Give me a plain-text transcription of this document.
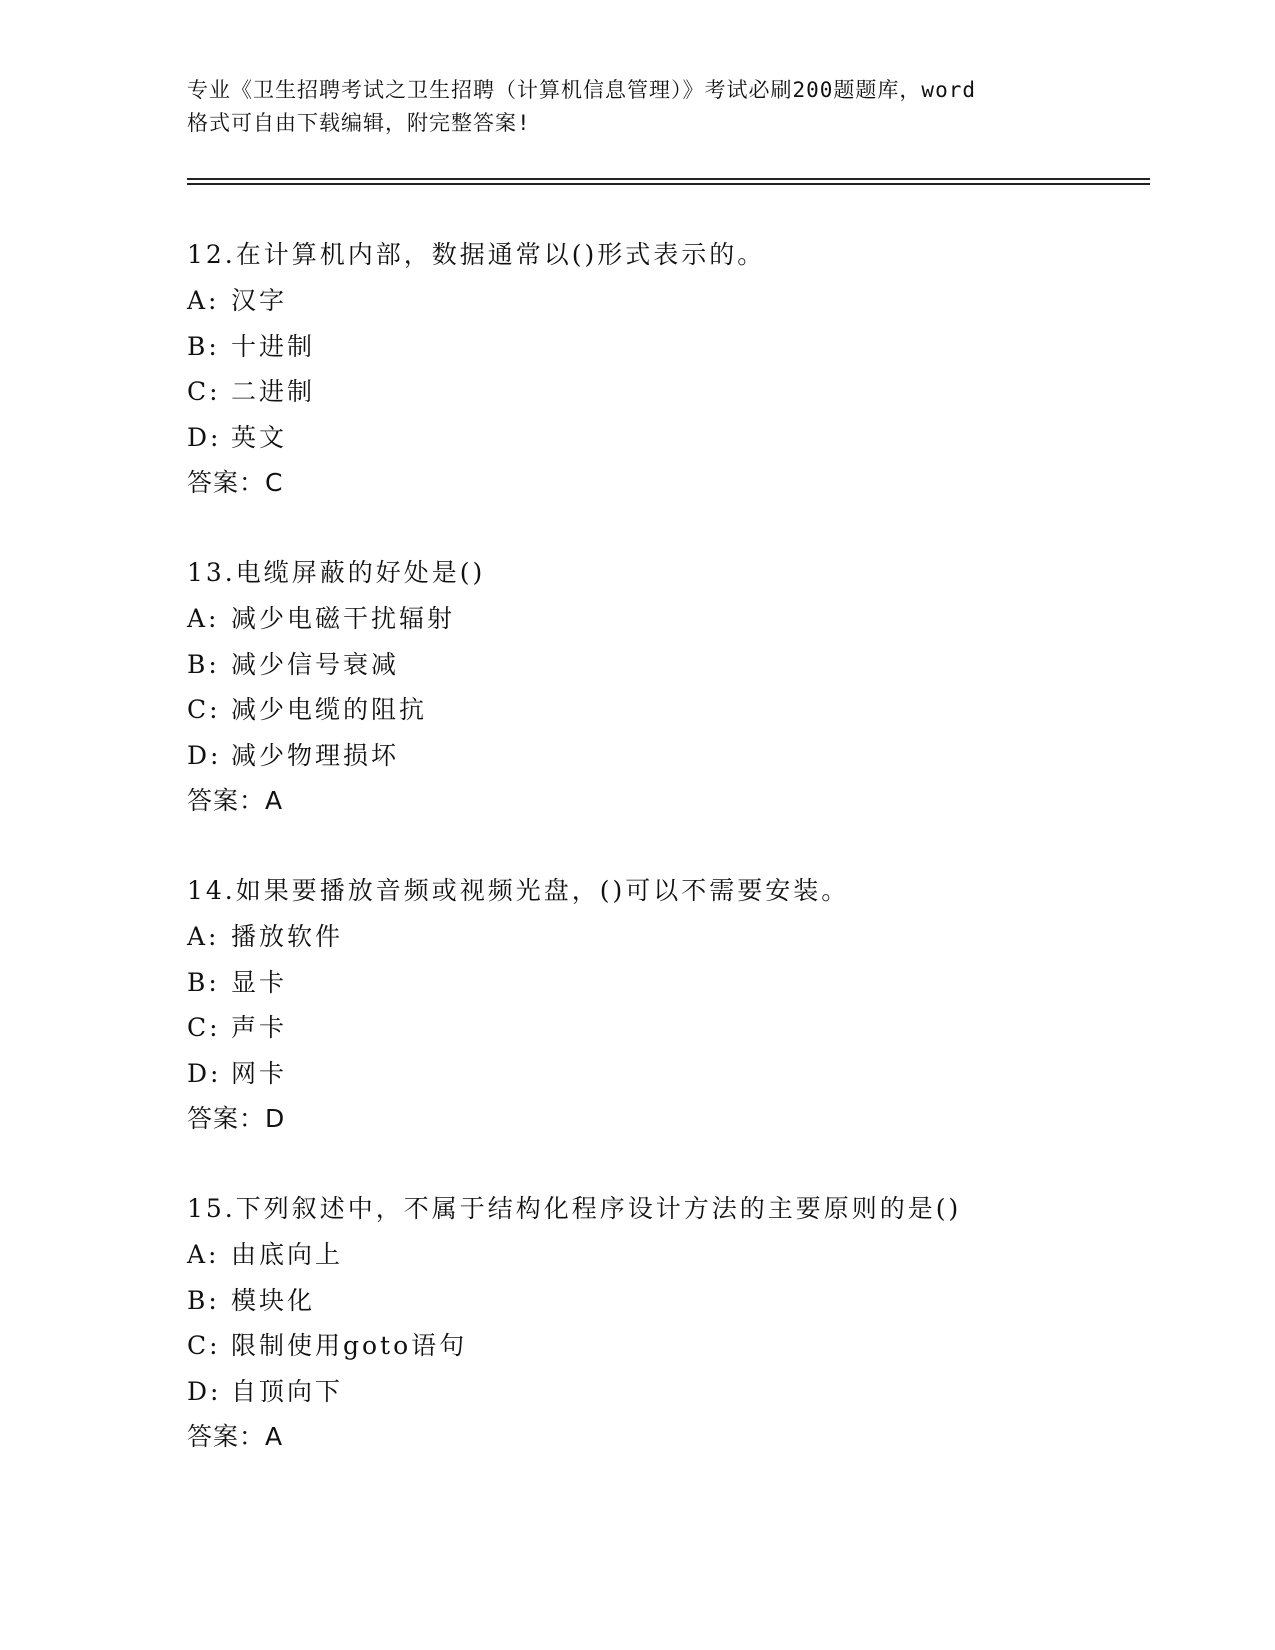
专业《卫生招聘考试之卫生招聘（计算机信息管理）》考试必刷200题题库，word
格式可自由下载编辑，附完整答案!
12.在计算机内部，数据通常以()形式表示的。
A: 汉字
B: 十进制
C: 二进制
D: 英文
答案：C
13.电缆屏蔽的好处是()
A: 减少电磁干扰辐射
B: 减少信号衰减
C: 减少电缆的阻抗
D: 减少物理损坏
答案：A
14.如果要播放音频或视频光盘，()可以不需要安装。
A: 播放软件
B: 显卡
C: 声卡
D: 网卡
答案：D
15.下列叙述中，不属于结构化程序设计方法的主要原则的是()
A: 由底向上
B: 模块化
C: 限制使用goto语句
D: 自顶向下
答案：A
